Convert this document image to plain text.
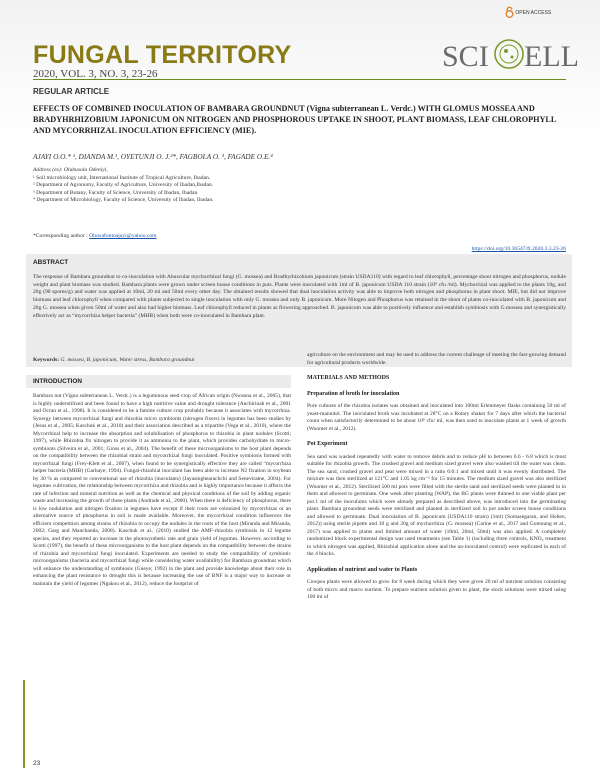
FUNGAL TERRITORY
2020, VOL. 3, NO. 3, 23-26
OPEN ACCESS
SCI ELL
REGULAR ARTICLE
EFFECTS OF COMBINED INOCULATION OF BAMBARA GROUNDNUT (Vigna subterranean L. Verdc.) WITH GLOMUS MOSSEA AND BRADYHRHIZOBIUM JAPONICUM ON NITROGEN AND PHOSPHOROUS UPTAKE IN SHOOT, PLANT BIOMASS, LEAF CHLOROPHYLL AND MYCORRHIZAL INOCULATION EFFICIENCY (MIE).
AJAYI O.O.* ¹, DIANDA M.¹, OYETUNJI O. J.²*, FAGBOLA O. ³, FAGADE O.E.⁴
Address (es): Olubusola Odeniyi,
¹ Soil microbiology unit, International Institute of Tropical Agriculture, Ibadan.
² Department of Agronomy, Faculty of Agriculture, University of Ibadan,Ibadan.
³ Department of Botany, Faculty of Science, University of Ibadan, Ibadan
⁴ Department of Microbiology, Faculty of Science, University of Ibadan, Ibadan.
*Corresponding author : Oluwafuntoajayi@yahoo.com
https://doi.org/10.36547/ft.2020.3.3.23-26
ABSTRACT
The response of Bambara groundnut to co-inoculation with Abuscular mychorrhizal fungi (G. mossea) and Bradhyrhizobium japonicum (strain USDA110) with regard to leaf chlorophyll, percentage shoot nitrogen and phosphorus, nodule weight and plant biomass was studied. Bambara plants were grown under screen house conditions in pots. Plants were inoculated with 1ml of B. japonicum USDA 110 strain (10⁸ cfu /ml). Mychorrizal was applied to the plants 10g, and 20g (90 spores/g) and water was applied at 10ml, 20 ml and 50ml every other day. The obtained results showed that dual inoculation activity was able to improve both nitrogen and phosphorus in plant shoot. MIE, but did not improve biomass and leaf chlorophyll when compared with plants subjected to single inoculation with only G. mossea and only B. japonicum. More Nitogen and Phosphorus was retained in the shoot of plants co-inoculated with B. japonicum and 20g G. mossea when given 50ml of water and also had higher biomass. Leaf chlorophyll reduced in plants as flowering approached. B. japonicum was able to positively influence and establish symbiosis with G.mossea and synergistically effectively act as “mycorrhiza helper bacteria” (MHB) when both were co-inoculated in Bambara plant.
Keywords: G. mossea, B. japonicum, Water stress, Bambara groundnut
INTRODUCTION
Bambara nut (Vigna subterranean L. Verdc.) is a leguminous seed crop of African origin (Nwanna et al., 2005), that is highly underutilized and been found to have a high nutritive value and drought tolerance (Anchirinah et al., 2001 and Ocran et al., 1998). It is considered to be a famine culture crop probably because it associates with mycorrhiza. Synergy between mycorrhizal fungi and rhizobia micro symbionts (nitrogen fixers) in legumes has been studies by (Jesus et al., 2005; Kaschuk et al., 2010) and their association described as a tripartite (Vega et al., 2010), where the Mycorrhizal help to increase the absorption and solubilisation of phosphorus to rhizobia in plant nodules (Scotti; 1997), while Rhizobia fix nitrogen to provide it as ammonia to the plant, which provides carbohydrate to micro-symbionts (Silveira et al., 2001; Gross et al., 2004). The benefit of these microorganisms to the host plant depends on the compatibility between the rhizobial strain and mycorrhizal fungi inoculated. Positive symbiosis formed with mycorrhizal fungi (Frey-Klett et al., 2007), when found to be synergistically effective they are called “mycorrhiza helper bacteria (MHB) (Garbaye; 1994). Fungal-rhizobial inoculant has been able to increase N2 fixation in soybean by 30 % as compared to conventional use of rhizobia (inoculants) (Jayasinghearachchi and Seneviratne, 2004). For legumes cultivation, the relationship between mycorrhiza and rhizobia and is highly importance because it affects the rate of infection and mineral nutrition as well as the chemical and physical conditions of the soil by adding organic waste and increasing the growth of these plants (Andrade et al., 2000). When there is deficiency of phosphorus, there is low nodulation and nitrogen fixation in legumes have except if their roots are colonized by mycorrhizas or an alternative source of phosphorus in soil is made available. Moreover, the mycorrhizal condition influences the efficient competition among strains of rhizobia to occupy the nodules in the roots of the host (Miranda and Miranda, 2002; Garg and Manchanda, 2008). Kaschuk et al., (2010) studied the AMF-rhizobia symbiosis in 12 legume species, and they reported an increase in the photosynthetic rate and grain yield of legumes. However, according to Scotti (1997), the benefit of these microorganisms to the host plant depends on the compatibility between the strains of rhizobia and mycorrhizal fungi inoculated. Experiments are needed to study the compatibility of symbiotic microorganisms (bacteria and mycorrhizal fungi while considering water availability) for Bambara groundnut which will enhance the understanding of symbiosis (Gueye; 1992) in the plant and provide knowledge about their role in enhancing the plant resistance to drought this is because increasing the use of BNF is a major way to increase or maintain the yield of legumes (Ngakou et al., 2012), reduce the footprint of

agriculture on the environment and may be used to address the current challenge of meeting the fast-growing demand for agricultural products worldwide.

MATERIALS AND METHODS
Preparation of broth for inoculation

Pure cultures of the rhizobia isolates was obtained and inoculated into 100ml Erlenmeyer flasks containing 50 ml of yeast-mannitol. The inoculated broth was incubated at 28°C on a Rotary shaker for 7 days after which the bacterial count when satisfactorily determined to be about 10⁸ cfu/ ml, was then used to inoculate plants at 1 week of growth (Woomer et al., 2012).

Pot Experiment

Sea sand was washed repeatedly with water to remove debris and to reduce pH to between 6.6 - 6.8 which is most suitable for rhizobia growth. The crushed gravel and medium sized gravel were also washed till the water was clean. The sea sand, crushed gravel and peat were mixed in a ratio 6:6:1 and mixed until it was evenly distributed. The mixture was then sterilized at 121°C and 1.05 kg cm⁻² for 15 minutes. The medium sized gravel was also sterilized (Woomer et al., 2012). Sterilized 500 ml pots were filled with the sterile sand and sterilized seeds were planted in in them and allowed to germinate. One week after planting (WAP), the BG plants were thinned to one viable plant per pot.1 ml of the inoculums which were already prepared as described above, was introduced into the germinating plant. Bambara groundnut seeds were sterilized and planted in sterilized soil in pot under screen house conditions and allowed to germinate. Dual inoculation of B. japonicum (USDA110 strain) (1ml) (Somasegaran, and Hoben, 2012)) using sterile pipette and 10 g and 20g of mychorrhiza (G. mossea) (Carine et al., 2017 and Gomoung et al., 2017) was applied to plants and limited amount of water (10ml, 20ml, 50ml) was also applied. A completely randomized block experimental design was used treatments (see Table 1) (including three controls, KNO₃ treatment to which nitrogen was applied, Rhizobial application alone and the un-inoculated control) were replicated in each of the 4 blocks.

Application of nutrient and water to Plants

Cowpea plants were allowed to grow for 8 week during which they were given 20 ml of nutrient solution consisting of both micro and macro nutrient. To prepare nutrient solution given to plant, the stock solutions were mixed using 100 ml of

23
